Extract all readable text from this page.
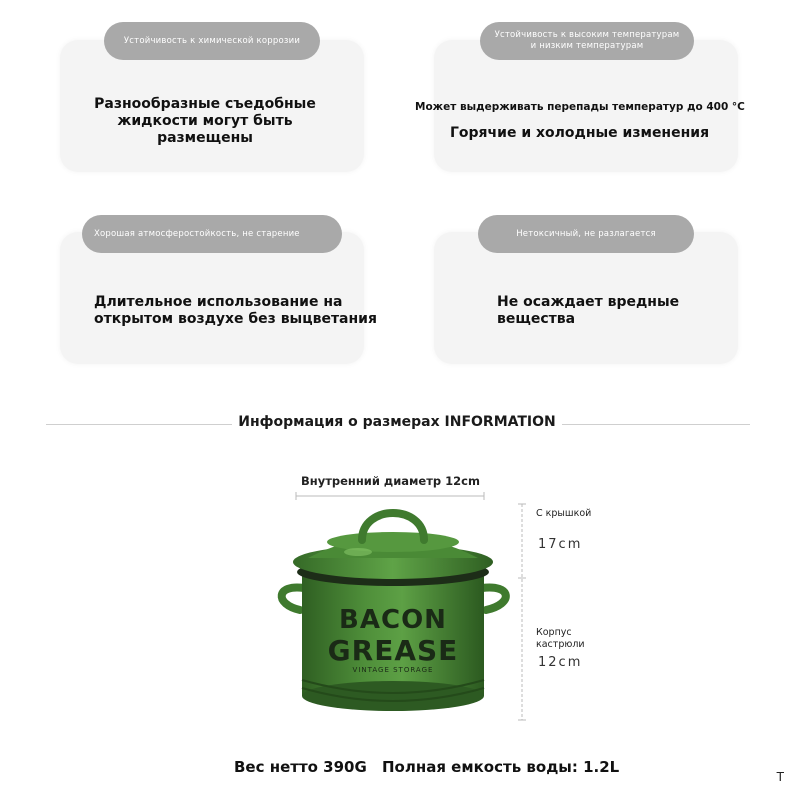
Устойчивость к химической коррозии
Разнообразные съедобные жидкости могут быть размещены
Устойчивость к высоким температурам и низким температурам
Может выдерживать перепады температур до 400 °C
Горячие и холодные изменения
Хорошая атмосферостойкость, не старение
Длительное использование на открытом воздухе без выцветания
Нетоксичный, не разлагается
Не осаждает вредные вещества
Информация о размерах INFORMATION
Внутренний диаметр 12cm
С крышкой
17cm
Корпус кастрюли
12cm
BACON
GREASE
VINTAGE STORAGE
Вес нетто 390G Полная емкость воды: 1.2L
T
